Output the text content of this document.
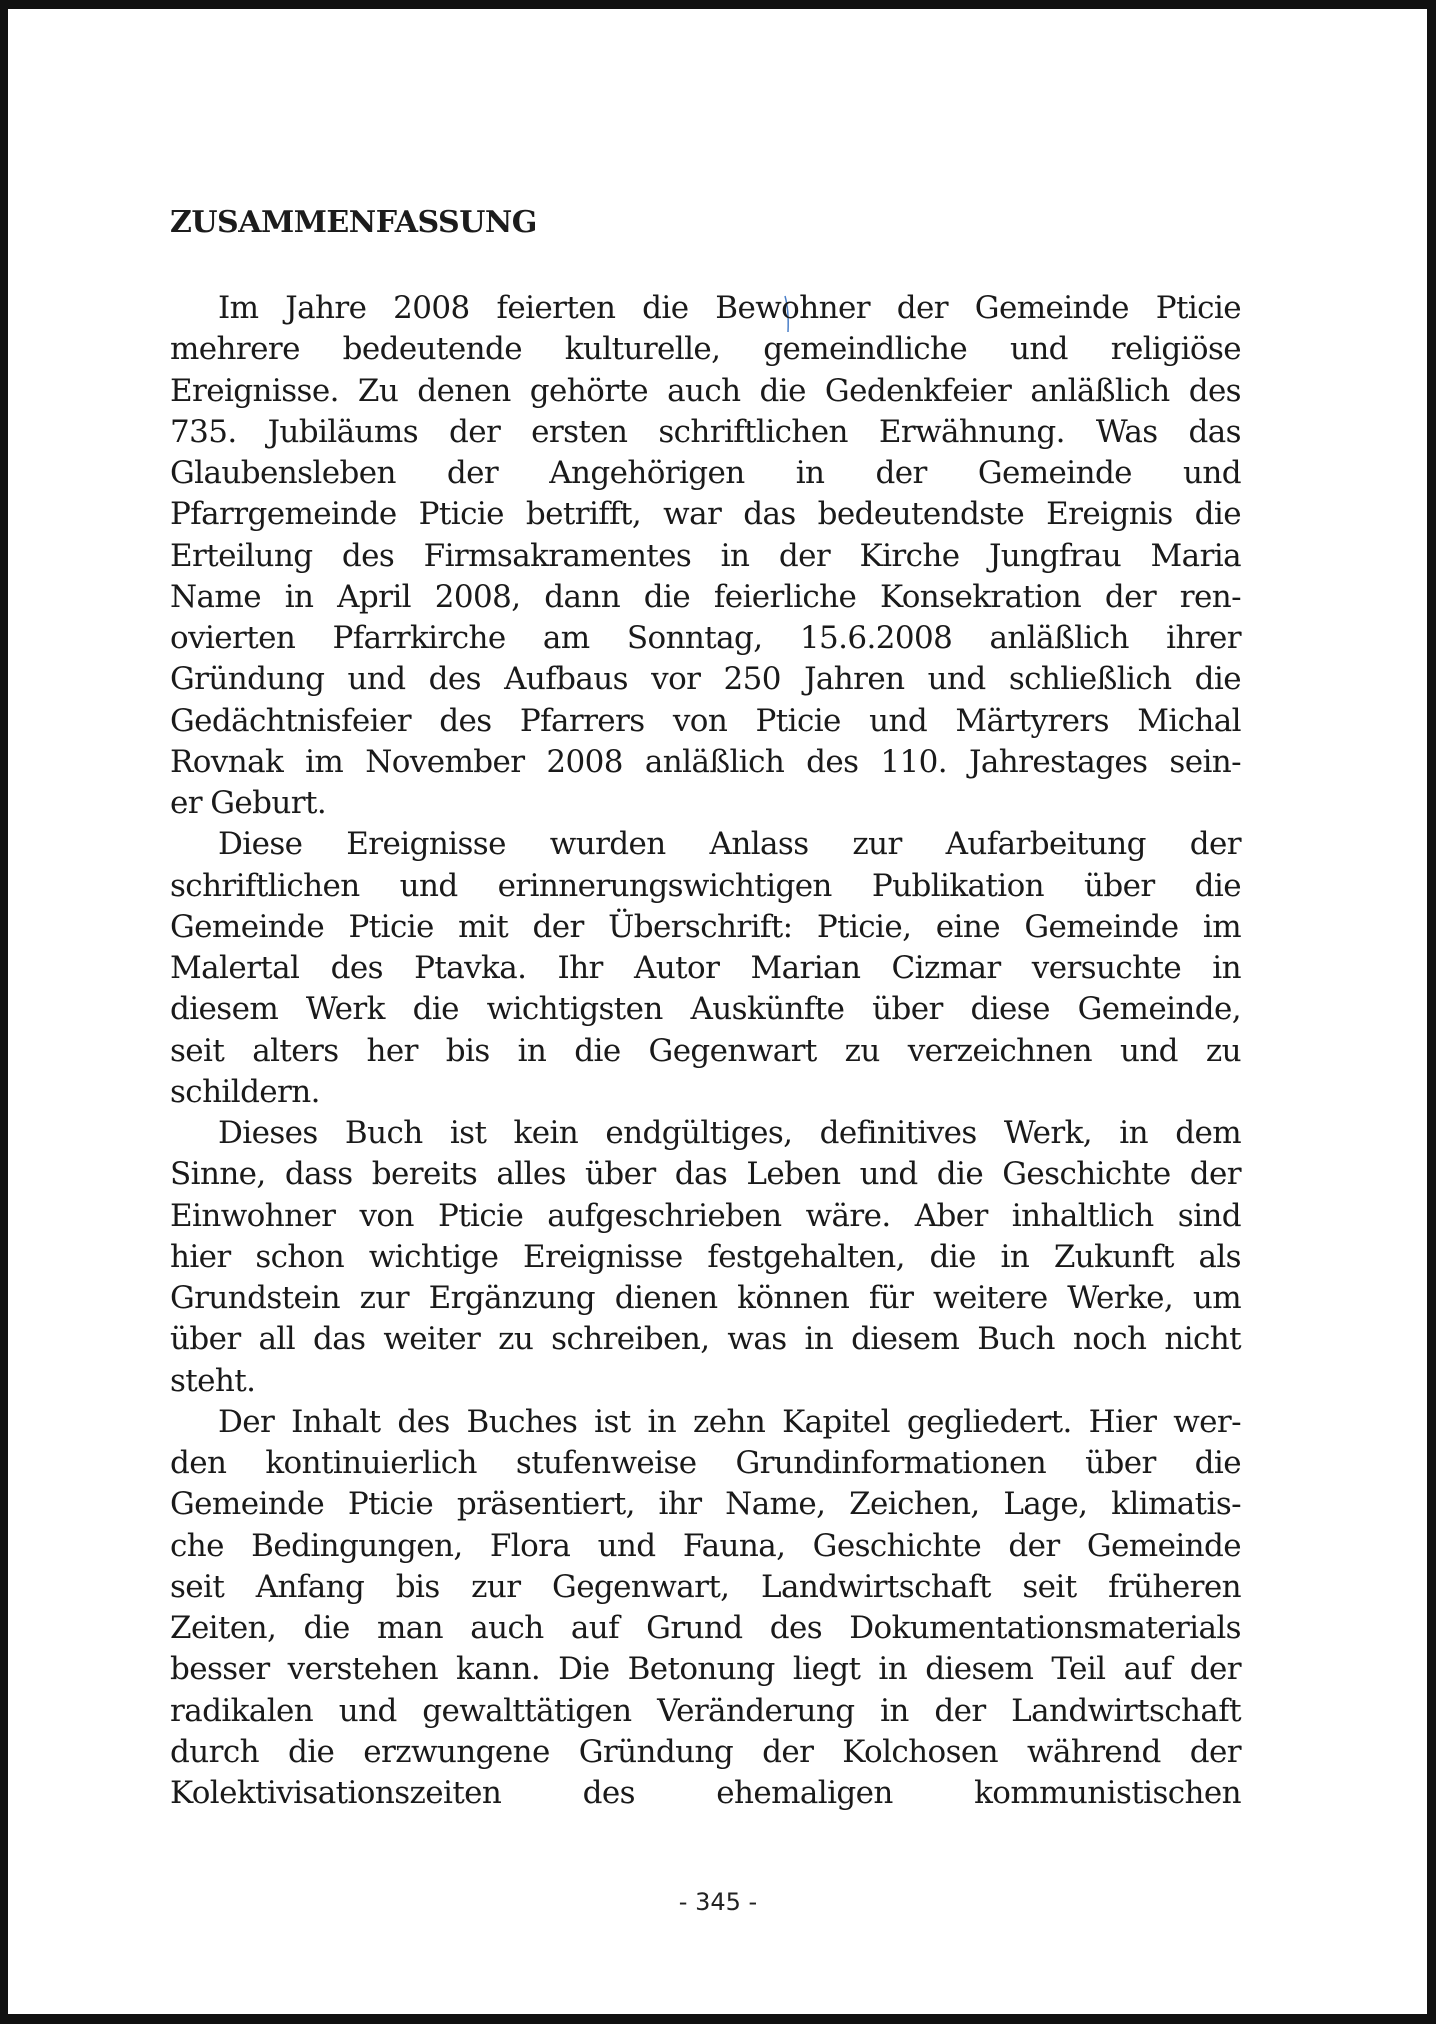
ZUSAMMENFASSUNG
Im Jahre 2008 feierten die Bewohner der Gemeinde Pticie
mehrere bedeutende kulturelle, gemeindliche und religiöse
Ereignisse. Zu denen gehörte auch die Gedenkfeier anläßlich des
735. Jubiläums der ersten schriftlichen Erwähnung. Was das
Glaubensleben der Angehörigen in der Gemeinde und
Pfarrgemeinde Pticie betrifft, war das bedeutendste Ereignis die
Erteilung des Firmsakramentes in der Kirche Jungfrau Maria
Name in April 2008, dann die feierliche Konsekration der ren-
ovierten Pfarrkirche am Sonntag, 15.6.2008 anläßlich ihrer
Gründung und des Aufbaus vor 250 Jahren und schließlich die
Gedächtnisfeier des Pfarrers von Pticie und Märtyrers Michal
Rovnak im November 2008 anläßlich des 110. Jahrestages sein-
er Geburt.
Diese Ereignisse wurden Anlass zur Aufarbeitung der
schriftlichen und erinnerungswichtigen Publikation über die
Gemeinde Pticie mit der Überschrift: Pticie, eine Gemeinde im
Malertal des Ptavka. Ihr Autor Marian Cizmar versuchte in
diesem Werk die wichtigsten Auskünfte über diese Gemeinde,
seit alters her bis in die Gegenwart zu verzeichnen und zu
schildern.
Dieses Buch ist kein endgültiges, definitives Werk, in dem
Sinne, dass bereits alles über das Leben und die Geschichte der
Einwohner von Pticie aufgeschrieben wäre. Aber inhaltlich sind
hier schon wichtige Ereignisse festgehalten, die in Zukunft als
Grundstein zur Ergänzung dienen können für weitere Werke, um
über all das weiter zu schreiben, was in diesem Buch noch nicht
steht.
Der Inhalt des Buches ist in zehn Kapitel gegliedert. Hier wer-
den kontinuierlich stufenweise Grundinformationen über die
Gemeinde Pticie präsentiert, ihr Name, Zeichen, Lage, klimatis-
che Bedingungen, Flora und Fauna, Geschichte der Gemeinde
seit Anfang bis zur Gegenwart, Landwirtschaft seit früheren
Zeiten, die man auch auf Grund des Dokumentationsmaterials
besser verstehen kann. Die Betonung liegt in diesem Teil auf der
radikalen und gewalttätigen Veränderung in der Landwirtschaft
durch die erzwungene Gründung der Kolchosen während der
Kolektivisationszeiten des ehemaligen kommunistischen
- 345 -
